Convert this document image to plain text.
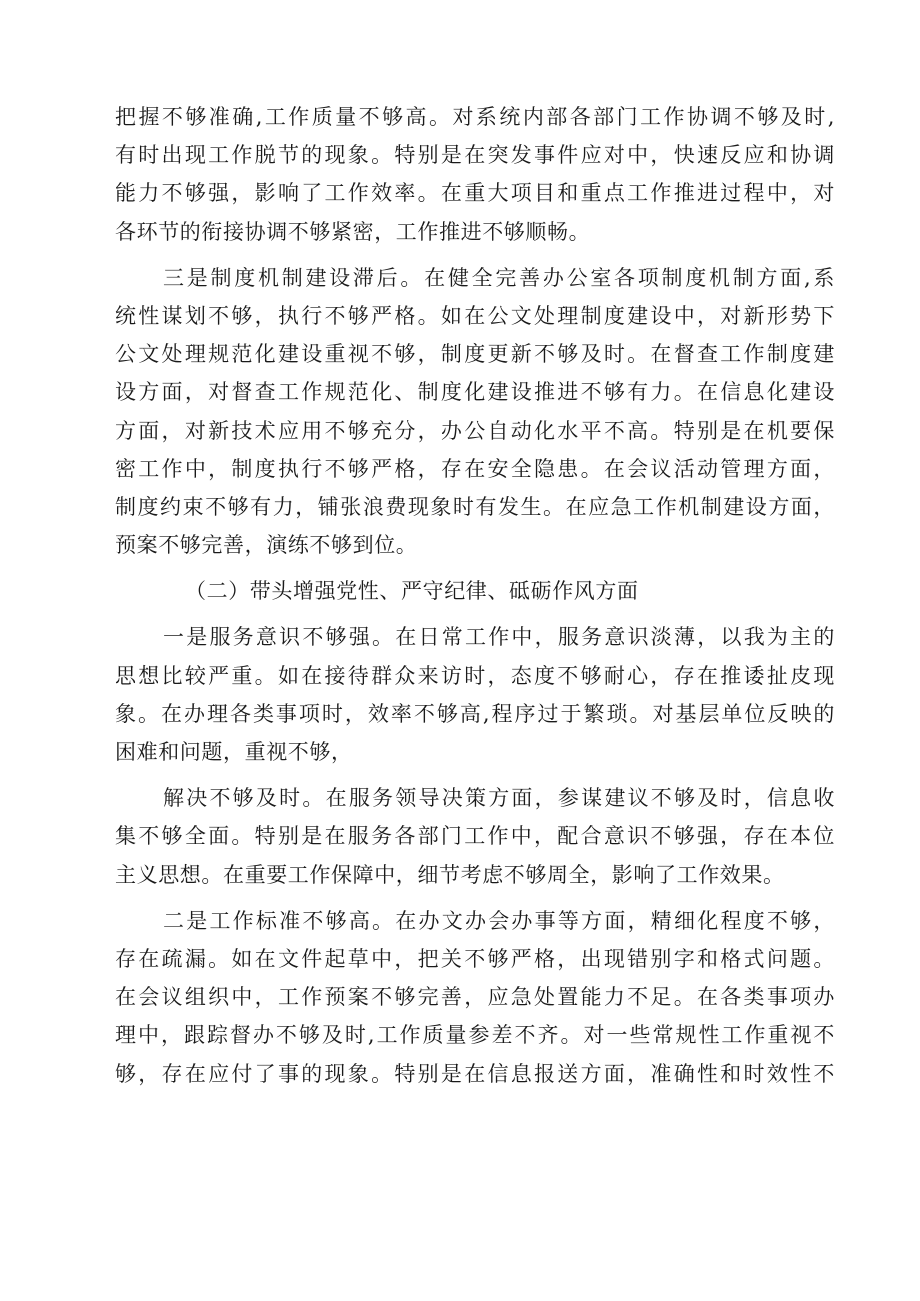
把握不够准确,工作质量不够高。对系统内部各部门工作协调不够及时,
有时出现工作脱节的现象。特别是在突发事件应对中，快速反应和协调
能力不够强，影响了工作效率。在重大项目和重点工作推进过程中，对
各环节的衔接协调不够紧密，工作推进不够顺畅。
三是制度机制建设滞后。在健全完善办公室各项制度机制方面,系
统性谋划不够，执行不够严格。如在公文处理制度建设中，对新形势下
公文处理规范化建设重视不够，制度更新不够及时。在督查工作制度建
设方面，对督查工作规范化、制度化建设推进不够有力。在信息化建设
方面，对新技术应用不够充分，办公自动化水平不高。特别是在机要保
密工作中，制度执行不够严格，存在安全隐患。在会议活动管理方面，
制度约束不够有力，铺张浪费现象时有发生。在应急工作机制建设方面，
预案不够完善，演练不够到位。
（二）带头增强党性、严守纪律、砥砺作风方面
一是服务意识不够强。在日常工作中，服务意识淡薄，以我为主的
思想比较严重。如在接待群众来访时，态度不够耐心，存在推诿扯皮现
象。在办理各类事项时，效率不够高,程序过于繁琐。对基层单位反映的
困难和问题，重视不够，
解决不够及时。在服务领导决策方面，参谋建议不够及时，信息收
集不够全面。特别是在服务各部门工作中，配合意识不够强，存在本位
主义思想。在重要工作保障中，细节考虑不够周全，影响了工作效果。
二是工作标准不够高。在办文办会办事等方面，精细化程度不够，
存在疏漏。如在文件起草中，把关不够严格，出现错别字和格式问题。
在会议组织中，工作预案不够完善，应急处置能力不足。在各类事项办
理中，跟踪督办不够及时,工作质量参差不齐。对一些常规性工作重视不
够，存在应付了事的现象。特别是在信息报送方面，准确性和时效性不
